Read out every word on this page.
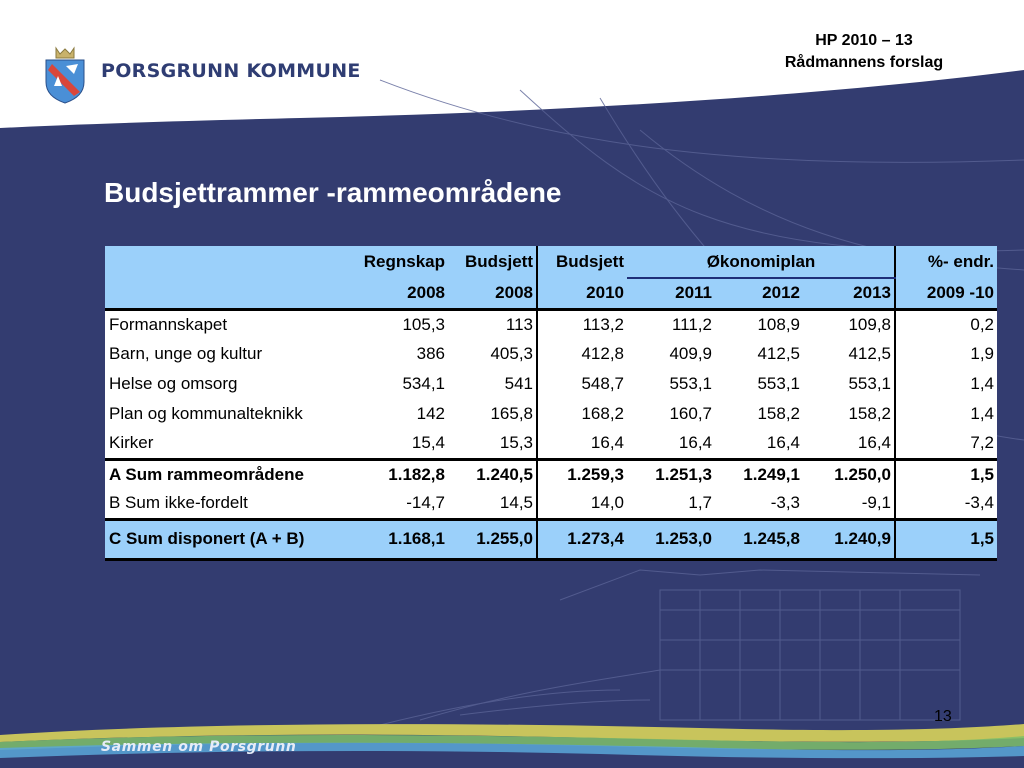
PORSGRUNN KOMMUNE
HP 2010 – 13
Rådmannens forslag
Budsjettrammer -rammeområdene
	Regnskap	Budsjett	Budsjett	Økonomiplan			%- endr.
	2008	2008	2010	2011	2012	2013	2009 -10
Formannskapet	105,3	113	113,2	111,2	108,9	109,8	0,2
Barn, unge og kultur	386	405,3	412,8	409,9	412,5	412,5	1,9
Helse og omsorg	534,1	541	548,7	553,1	553,1	553,1	1,4
Plan og kommunalteknikk	142	165,8	168,2	160,7	158,2	158,2	1,4
Kirker	15,4	15,3	16,4	16,4	16,4	16,4	7,2
A Sum rammeområdene	1.182,8	1.240,5	1.259,3	1.251,3	1.249,1	1.250,0	1,5
B Sum ikke-fordelt	-14,7	14,5	14,0	1,7	-3,3	-9,1	-3,4
C Sum disponert (A + B)	1.168,1	1.255,0	1.273,4	1.253,0	1.245,8	1.240,9	1,5
13
Sammen om Porsgrunn
